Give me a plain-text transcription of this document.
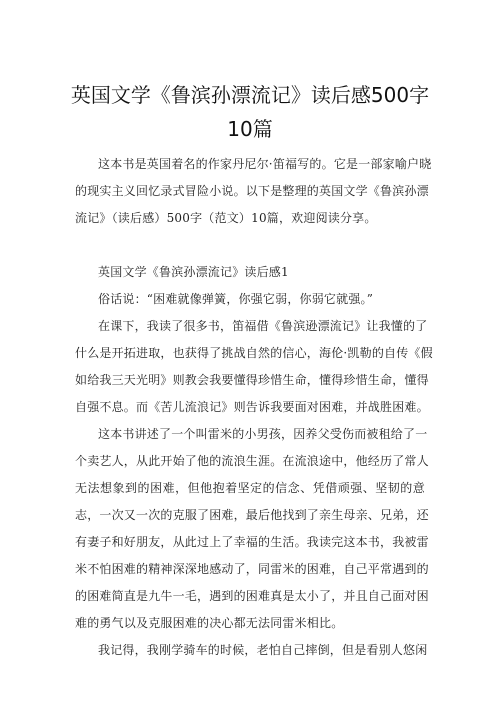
英国文学《鲁滨孙漂流记》读后感500字
10篇
这本书是英国着名的作家丹尼尔·笛福写的。它是一部家喻户晓
的现实主义回忆录式冒险小说。以下是整理的英国文学《鲁滨孙漂
流记》（读后感）500字（范文）10篇，欢迎阅读分享。
英国文学《鲁滨孙漂流记》读后感1
俗话说：“困难就像弹簧，你强它弱，你弱它就强。”
在课下，我读了很多书，笛福借《鲁滨逊漂流记》让我懂的了
什么是开拓进取，也获得了挑战自然的信心，海伦·凯勒的自传《假
如给我三天光明》则教会我要懂得珍惜生命，懂得珍惜生命，懂得
自强不息。而《苦儿流浪记》则告诉我要面对困难，并战胜困难。
这本书讲述了一个叫雷米的小男孩，因养父受伤而被租给了一
个卖艺人，从此开始了他的流浪生涯。在流浪途中，他经历了常人
无法想象到的困难，但他抱着坚定的信念、凭借顽强、坚韧的意
志，一次又一次的克服了困难，最后他找到了亲生母亲、兄弟，还
有妻子和好朋友，从此过上了幸福的生活。我读完这本书，我被雷
米不怕困难的精神深深地感动了，同雷米的困难，自己平常遇到的
的困难简直是九牛一毛，遇到的困难真是太小了，并且自己面对困
难的勇气以及克服困难的决心都无法同雷米相比。
我记得，我刚学骑车的时候，老怕自己摔倒，但是看别人悠闲
